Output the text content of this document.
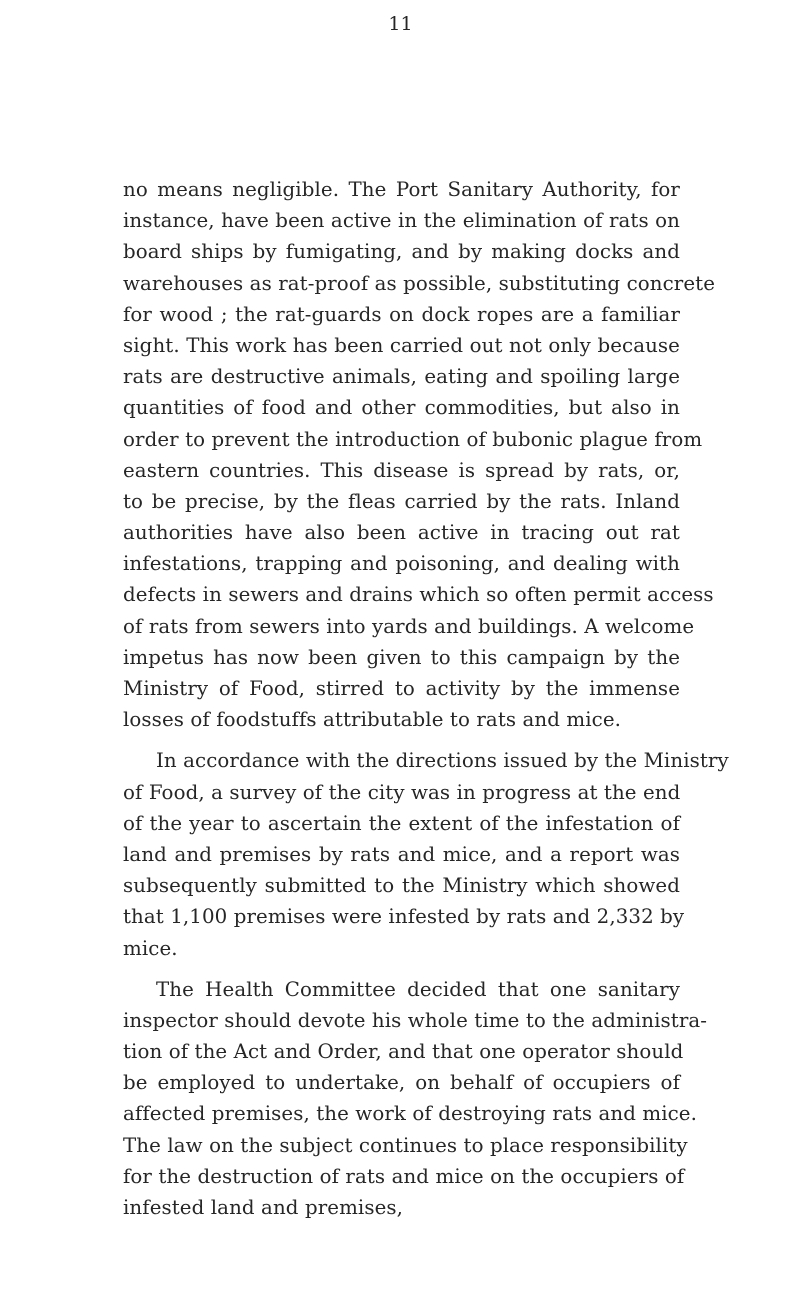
11

no means negligible. The Port Sanitary Authority, for
instance, have been active in the elimination of rats on
board ships by fumigating, and by making docks and
warehouses as rat-proof as possible, substituting concrete
for wood ; the rat-guards on dock ropes are a familiar
sight. This work has been carried out not only because
rats are destructive animals, eating and spoiling large
quantities of food and other commodities, but also in
order to prevent the introduction of bubonic plague from
eastern countries. This disease is spread by rats, or,
to be precise, by the fleas carried by the rats. Inland
authorities have also been active in tracing out rat
infestations, trapping and poisoning, and dealing with
defects in sewers and drains which so often permit access
of rats from sewers into yards and buildings. A welcome
impetus has now been given to this campaign by the
Ministry of Food, stirred to activity by the immense
losses of foodstuffs attributable to rats and mice.

In accordance with the directions issued by the Ministry
of Food, a survey of the city was in progress at the end
of the year to ascertain the extent of the infestation of
land and premises by rats and mice, and a report was
subsequently submitted to the Ministry which showed
that 1,100 premises were infested by rats and 2,332 by
mice.

The Health Committee decided that one sanitary
inspector should devote his whole time to the administra-
tion of the Act and Order, and that one operator should
be employed to undertake, on behalf of occupiers of
affected premises, the work of destroying rats and mice.
The law on the subject continues to place responsibility
for the destruction of rats and mice on the occupiers of
infested land and premises,
